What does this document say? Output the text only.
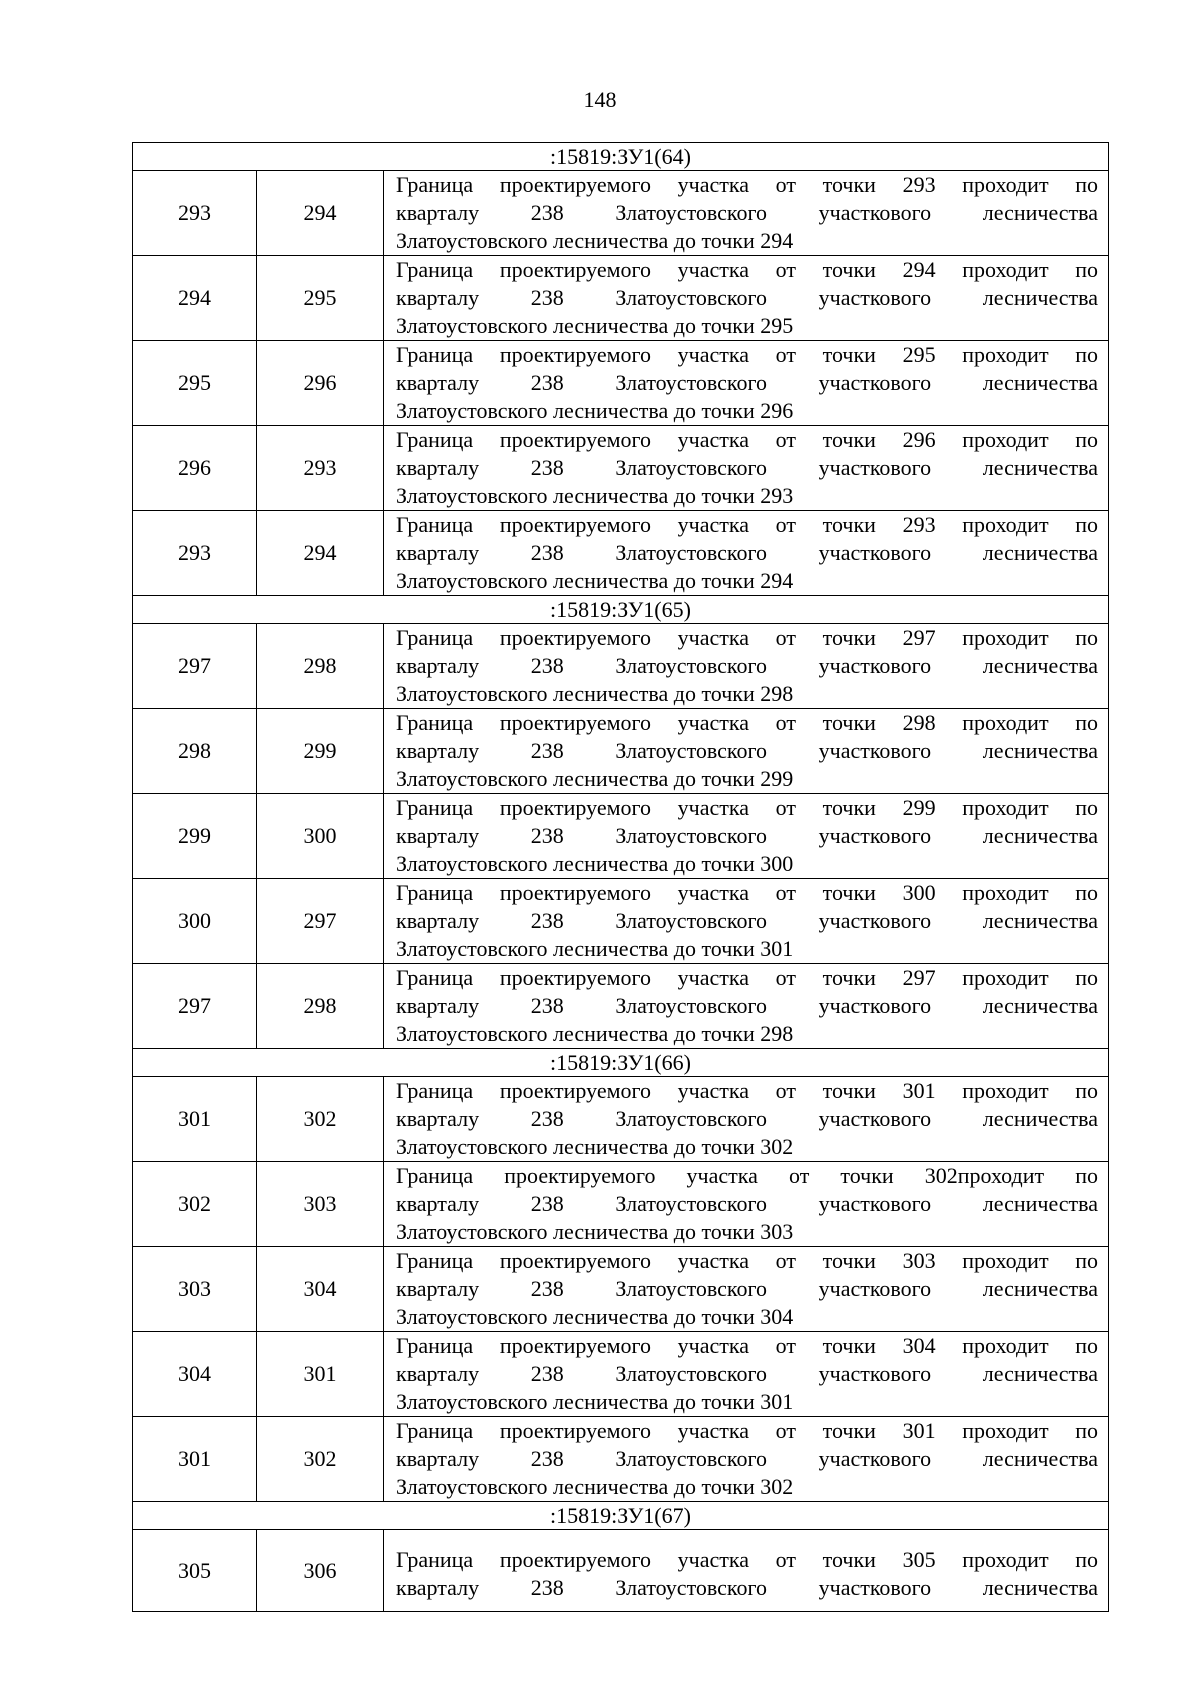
148
:15819:ЗУ1(64)		
293	294	Граница проектируемого участка от точки 293 проходит по
кварталу 238 Златоустовского участкового лесничества
Златоустовского лесничества до точки 294

294	295	Граница проектируемого участка от точки 294 проходит по
кварталу 238 Златоустовского участкового лесничества
Златоустовского лесничества до точки 295

295	296	Граница проектируемого участка от точки 295 проходит по
кварталу 238 Златоустовского участкового лесничества
Златоустовского лесничества до точки 296

296	293	Граница проектируемого участка от точки 296 проходит по
кварталу 238 Златоустовского участкового лесничества
Златоустовского лесничества до точки 293

293	294	Граница проектируемого участка от точки 293 проходит по
кварталу 238 Златоустовского участкового лесничества
Златоустовского лесничества до точки 294

:15819:ЗУ1(65)		
297	298	Граница проектируемого участка от точки 297 проходит по
кварталу 238 Златоустовского участкового лесничества
Златоустовского лесничества до точки 298

298	299	Граница проектируемого участка от точки 298 проходит по
кварталу 238 Златоустовского участкового лесничества
Златоустовского лесничества до точки 299

299	300	Граница проектируемого участка от точки 299 проходит по
кварталу 238 Златоустовского участкового лесничества
Златоустовского лесничества до точки 300

300	297	Граница проектируемого участка от точки 300 проходит по
кварталу 238 Златоустовского участкового лесничества
Златоустовского лесничества до точки 301

297	298	Граница проектируемого участка от точки 297 проходит по
кварталу 238 Златоустовского участкового лесничества
Златоустовского лесничества до точки 298

:15819:ЗУ1(66)		
301	302	Граница проектируемого участка от точки 301 проходит по
кварталу 238 Златоустовского участкового лесничества
Златоустовского лесничества до точки 302

302	303	Граница проектируемого участка от точки 302проходит по
кварталу 238 Златоустовского участкового лесничества
Златоустовского лесничества до точки 303

303	304	Граница проектируемого участка от точки 303 проходит по
кварталу 238 Златоустовского участкового лесничества
Златоустовского лесничества до точки 304

304	301	Граница проектируемого участка от точки 304 проходит по
кварталу 238 Златоустовского участкового лесничества
Златоустовского лесничества до точки 301

301	302	Граница проектируемого участка от точки 301 проходит по
кварталу 238 Златоустовского участкового лесничества
Златоустовского лесничества до точки 302

:15819:ЗУ1(67)		
305	306	Граница проектируемого участка от точки 305 проходит по
кварталу 238 Златоустовского участкового лесничества
